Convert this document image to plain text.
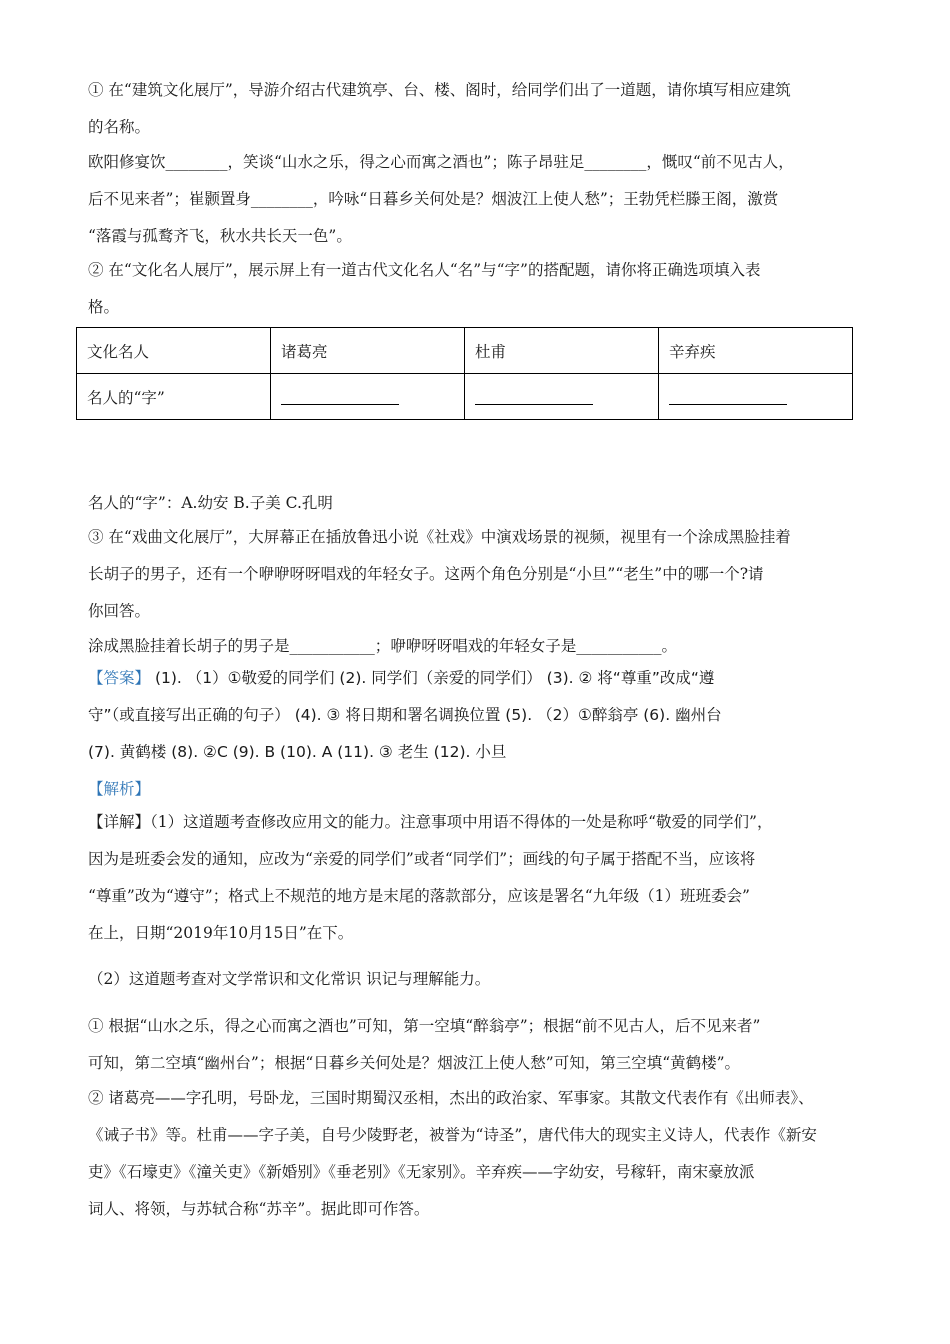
① 在“建筑文化展厅”，导游介绍古代建筑亭、台、楼、阁时，给同学们出了一道题，请你填写相应建筑
的名称。
欧阳修宴饮________，笑谈“山水之乐，得之心而寓之酒也”；陈子昂驻足________，慨叹“前不见古人，
后不见来者”；崔颢置身________，吟咏“日暮乡关何处是？烟波江上使人愁”；王勃凭栏滕王阁，激赏
“落霞与孤鹜齐飞，秋水共长天一色”。
② 在“文化名人展厅”，展示屏上有一道古代文化名人“名”与“字”的搭配题，请你将正确选项填入表
格。
文化名人	诸葛亮	杜甫	辛弃疾
名人的“字”			
名人的“字”：A.幼安 B.子美 C.孔明
③ 在“戏曲文化展厅”，大屏幕正在插放鲁迅小说《社戏》中演戏场景的视频，视里有一个涂成黑脸挂着
长胡子的男子，还有一个咿咿呀呀唱戏的年轻女子。这两个角色分别是“小旦”“老生”中的哪一个?请
你回答。
涂成黑脸挂着长胡子的男子是___________；咿咿呀呀唱戏的年轻女子是___________。
【答案】 (1). （1）①敬爱的同学们 (2). 同学们（亲爱的同学们） (3). ② 将“尊重”改成“遵
守”（或直接写出正确的句子） (4). ③ 将日期和署名调换位置 (5). （2）①醉翁亭 (6). 幽州台
(7). 黄鹤楼 (8). ②C (9). B (10). A (11). ③ 老生 (12). 小旦
【解析】
【详解】（1）这道题考查修改应用文的能力。注意事项中用语不得体的一处是称呼“敬爱的同学们”，
因为是班委会发的通知，应改为“亲爱的同学们”或者“同学们”；画线的句子属于搭配不当，应该将
“尊重”改为“遵守”；格式上不规范的地方是末尾的落款部分，应该是署名“九年级（1）班班委会”
在上，日期“2019年10月15日”在下。
（2）这道题考查对文学常识和文化常识 识记与理解能力。
① 根据“山水之乐，得之心而寓之酒也”可知，第一空填“醉翁亭”；根据“前不见古人，后不见来者”
可知，第二空填“幽州台”；根据“日暮乡关何处是？烟波江上使人愁”可知，第三空填“黄鹤楼”。
② 诸葛亮——字孔明，号卧龙，三国时期蜀汉丞相，杰出的政治家、军事家。其散文代表作有《出师表》、
《诫子书》等。杜甫——字子美，自号少陵野老，被誉为“诗圣”，唐代伟大的现实主义诗人，代表作《新安
吏》《石壕吏》《潼关吏》《新婚别》《垂老别》《无家别》。辛弃疾——字幼安，号稼轩，南宋豪放派
词人、将领，与苏轼合称“苏辛”。据此即可作答。
